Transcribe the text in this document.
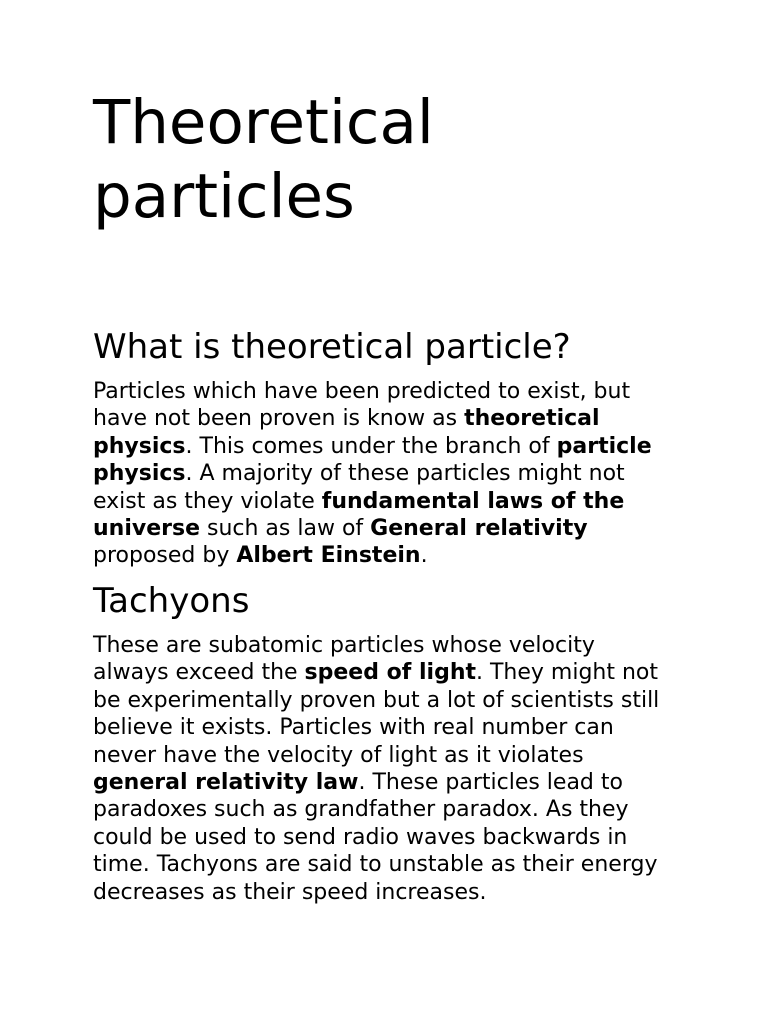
Theoretical particles
What is theoretical particle?

Particles which have been predicted to exist, but have not been proven is know as theoretical physics. This comes under the branch of particle physics. A majority of these particles might not exist as they violate fundamental laws of the universe such as law of General relativity proposed by Albert Einstein.

Tachyons

These are subatomic particles whose velocity always exceed the speed of light. They might not be experimentally proven but a lot of scientists still believe it exists. Particles with real number can never have the velocity of light as it violates general relativity law. These particles lead to paradoxes such as grandfather paradox. As they could be used to send radio waves backwards in time. Tachyons are said to unstable as their energy decreases as their speed increases.
